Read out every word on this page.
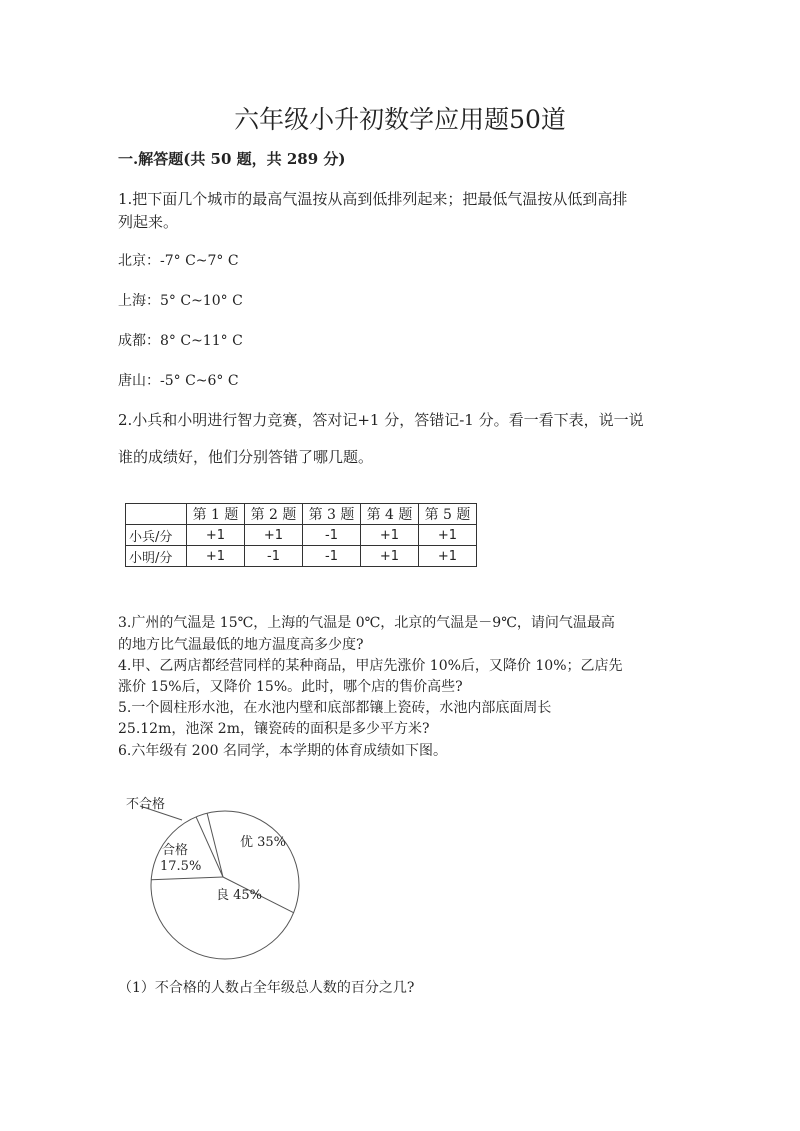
六年级小升初数学应用题50道
一.解答题(共 50 题，共 289 分)
1.把下面几个城市的最高气温按从高到低排列起来；把最低气温按从低到高排
列起来。
北京：-7° C~7° C
上海：5° C~10° C
成都：8° C~11° C
唐山：-5° C~6° C
2.小兵和小明进行智力竞赛，答对记+1 分，答错记-1 分。看一看下表，说一说
谁的成绩好，他们分别答错了哪几题。
	第 1 题	第 2 题	第 3 题	第 4 题	第 5 题
小兵/分	+1	+1	-1	+1	+1
小明/分	+1	-1	-1	+1	+1
3.广州的气温是 15℃，上海的气温是 0℃，北京的气温是－9℃，请问气温最高
的地方比气温最低的地方温度高多少度?
4.甲、乙两店都经营同样的某种商品，甲店先涨价 10%后，又降价 10%；乙店先
涨价 15%后，又降价 15%。此时，哪个店的售价高些?
5.一个圆柱形水池，在水池内壁和底部都镶上瓷砖，水池内部底面周长
25.12m，池深 2m，镶瓷砖的面积是多少平方米?
6.六年级有 200 名同学，本学期的体育成绩如下图。
不合格
优 35%
良 45%
合格
17.5%
（1）不合格的人数占全年级总人数的百分之几?
